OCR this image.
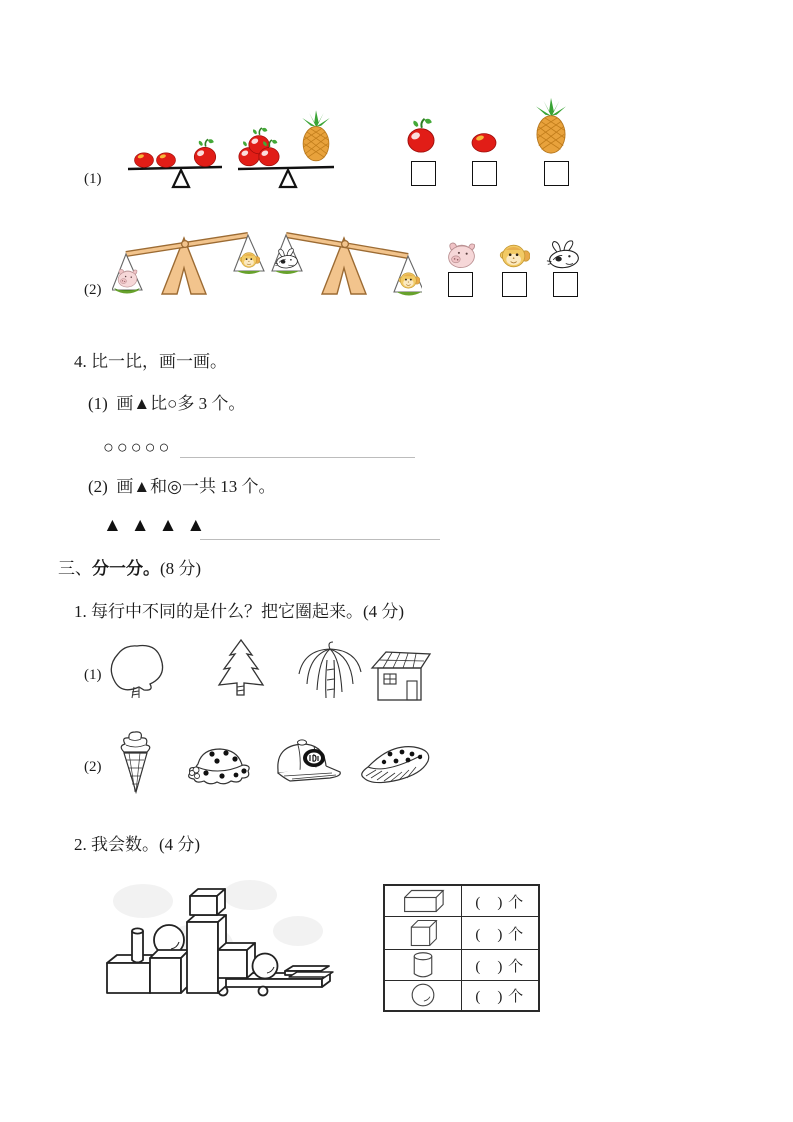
(1)
(2)
4. 比一比，画一画。
(1) 画▲比○多 3 个。
○○○○○
(2) 画▲和◎一共 13 个。
▲▲▲▲
三、分一分。(8 分)
1. 每行中不同的是什么？把它圈起来。(4 分)
(1)
(2)
2. 我会数。(4 分)
	(　) 个

	(　) 个

	(　) 个

	(　) 个
